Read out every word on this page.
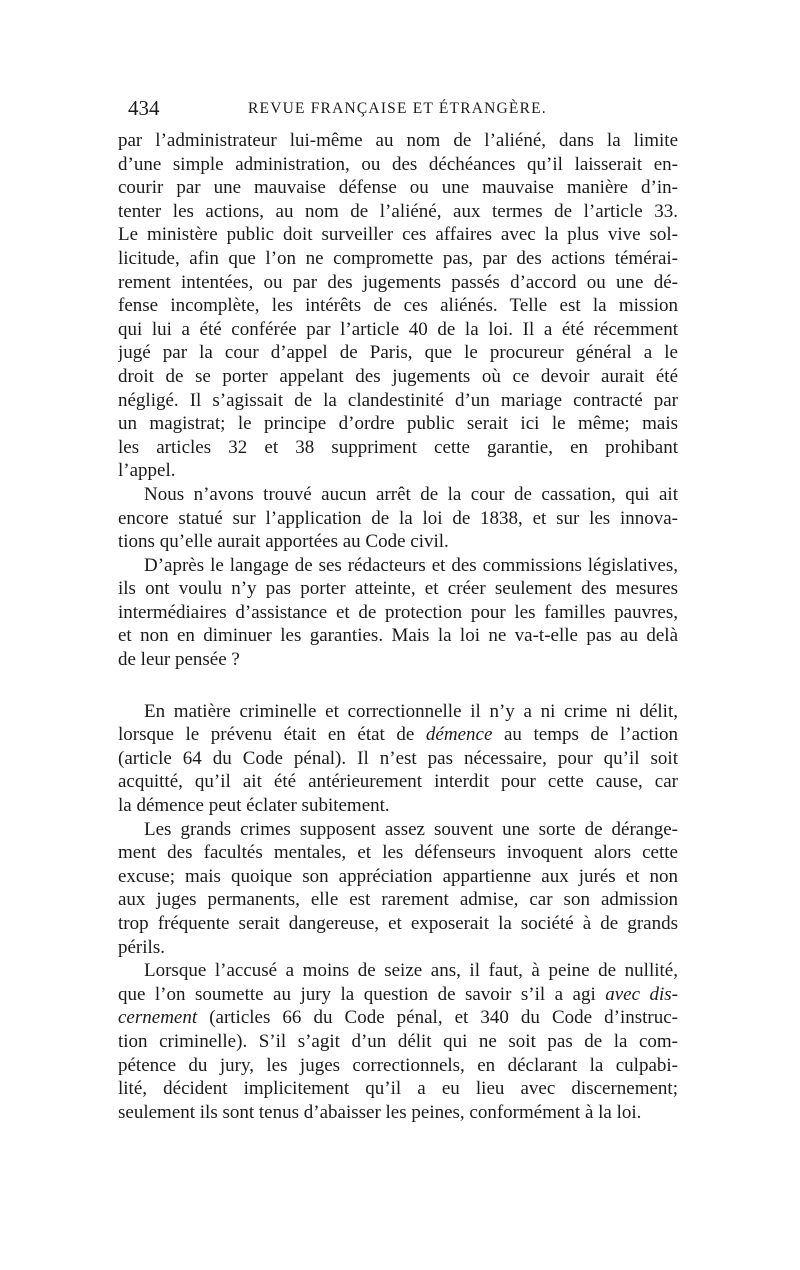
434	REVUE FRANÇAISE ET ÉTRANGÈRE.
par l’administrateur lui-même au nom de l’aliéné, dans la limite
d’une simple administration, ou des déchéances qu’il laisserait en-
courir par une mauvaise défense ou une mauvaise manière d’in-
tenter les actions, au nom de l’aliéné, aux termes de l’article 33.
Le ministère public doit surveiller ces affaires avec la plus vive sol-
licitude, afin que l’on ne compromette pas, par des actions témérai-
rement intentées, ou par des jugements passés d’accord ou une dé-
fense incomplète, les intérêts de ces aliénés. Telle est la mission
qui lui a été conférée par l’article 40 de la loi. Il a été récemment
jugé par la cour d’appel de Paris, que le procureur général a le
droit de se porter appelant des jugements où ce devoir aurait été
négligé. Il s’agissait de la clandestinité d’un mariage contracté par
un magistrat; le principe d’ordre public serait ici le même; mais
les articles 32 et 38 suppriment cette garantie, en prohibant
l’appel.
Nous n’avons trouvé aucun arrêt de la cour de cassation, qui ait
encore statué sur l’application de la loi de 1838, et sur les innova-
tions qu’elle aurait apportées au Code civil.
D’après le langage de ses rédacteurs et des commissions législatives,
ils ont voulu n’y pas porter atteinte, et créer seulement des mesures
intermédiaires d’assistance et de protection pour les familles pauvres,
et non en diminuer les garanties. Mais la loi ne va-t-elle pas au delà
de leur pensée ?
En matière criminelle et correctionnelle il n’y a ni crime ni délit,
lorsque le prévenu était en état de démence au temps de l’action
(article 64 du Code pénal). Il n’est pas nécessaire, pour qu’il soit
acquitté, qu’il ait été antérieurement interdit pour cette cause, car
la démence peut éclater subitement.
Les grands crimes supposent assez souvent une sorte de dérange-
ment des facultés mentales, et les défenseurs invoquent alors cette
excuse; mais quoique son appréciation appartienne aux jurés et non
aux juges permanents, elle est rarement admise, car son admission
trop fréquente serait dangereuse, et exposerait la société à de grands
périls.
Lorsque l’accusé a moins de seize ans, il faut, à peine de nullité,
que l’on soumette au jury la question de savoir s’il a agi avec dis-
cernement (articles 66 du Code pénal, et 340 du Code d’instruc-
tion criminelle). S’il s’agit d’un délit qui ne soit pas de la com-
pétence du jury, les juges correctionnels, en déclarant la culpabi-
lité, décident implicitement qu’il a eu lieu avec discernement;
seulement ils sont tenus d’abaisser les peines, conformément à la loi.
